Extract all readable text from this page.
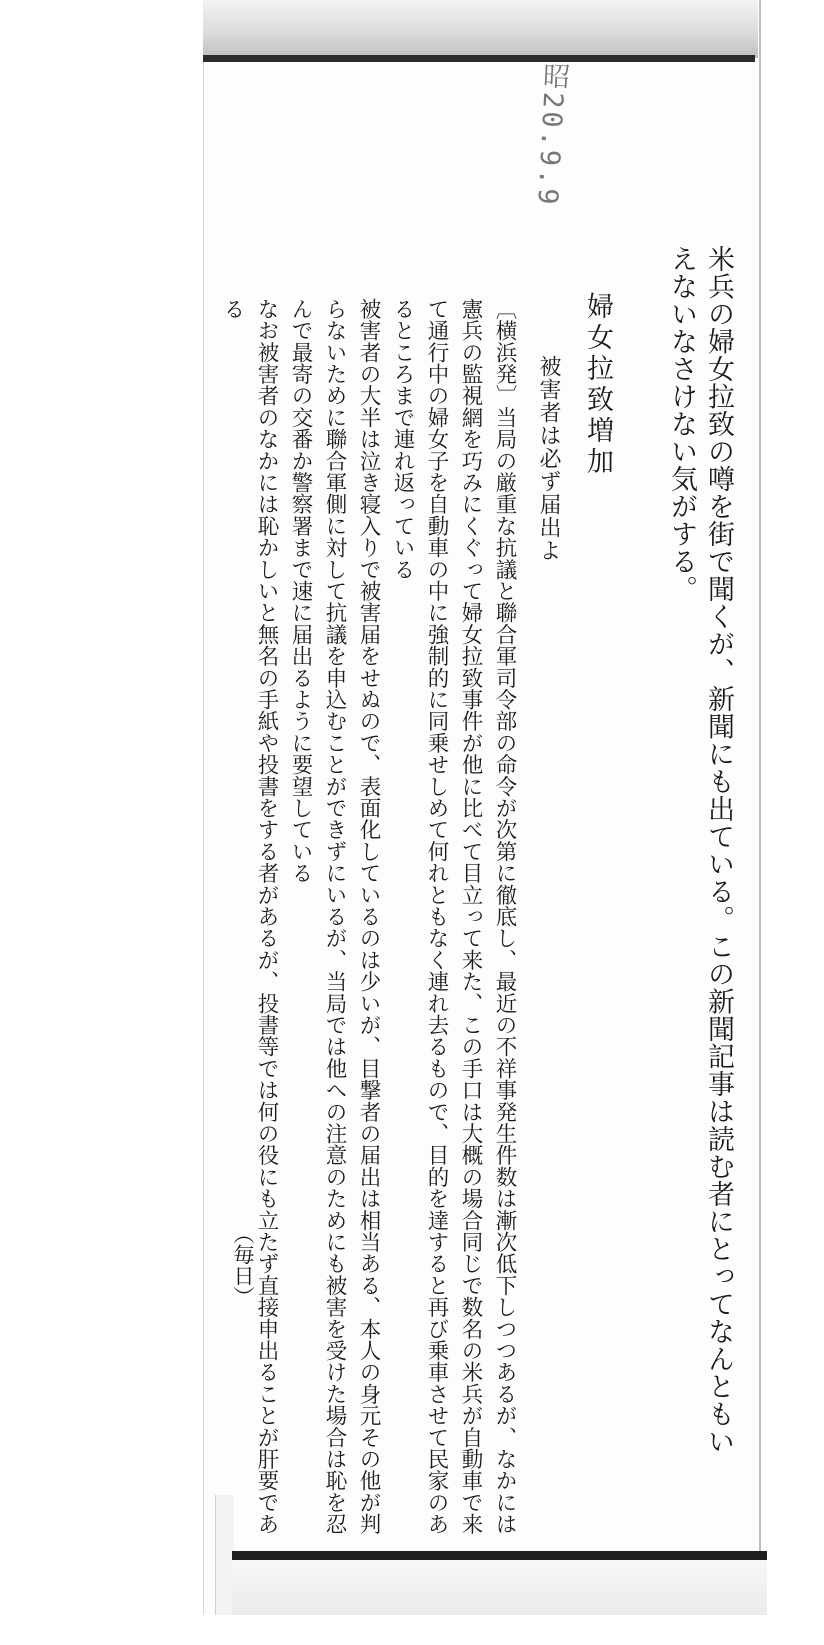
昭20.9.9
米兵の婦女拉致の噂を街で聞くが、新聞にも出ている。この新聞記事は読む者にとってなんともい
えないなさけない気がする。
婦女拉致増加
被害者は必ず届出よ
〔横浜発〕当局の厳重な抗議と聯合軍司令部の命令が次第に徹底し、最近の不祥事発生件数は漸次低下しつつあるが、なかには憲兵の監視網を巧みにくぐって婦女拉致事件が他に比べて目立って来た、この手口は大概の場合同じで数名の米兵が自動車で来て通行中の婦女子を自動車の中に強制的に同乗せしめて何れともなく連れ去るもので、目的を達すると再び乗車させて民家のあるところまで連れ返っている
被害者の大半は泣き寝入りで被害届をせぬので、表面化しているのは少いが、目撃者の届出は相当ある、本人の身元その他が判らないために聯合軍側に対して抗議を申込むことができずにいるが、当局では他への注意のためにも被害を受けた場合は恥を忍んで最寄の交番か警察署まで速に届出るように要望している
なお被害者のなかには恥かしいと無名の手紙や投書をする者があるが、投書等では何の役にも立たず直接申出ることが肝要である
（毎日）
